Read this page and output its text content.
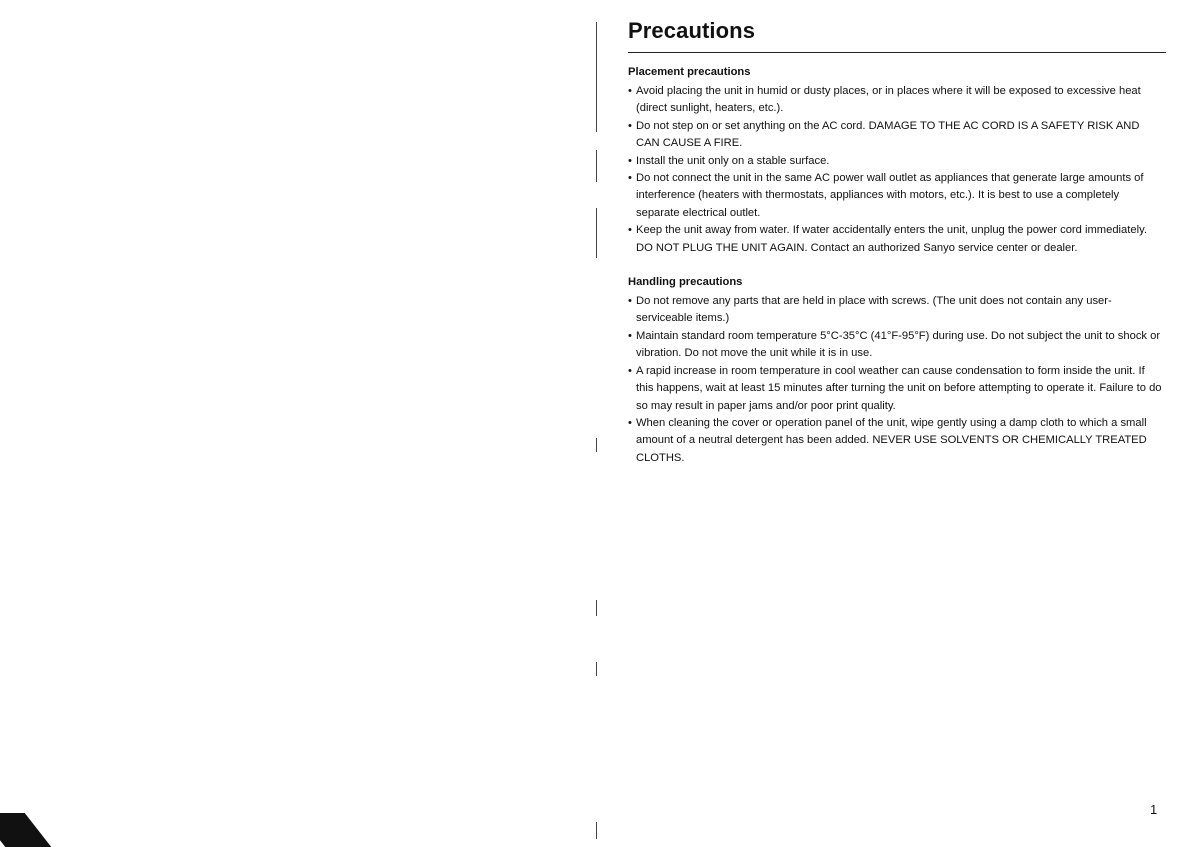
Precautions
Placement precautions
• Avoid placing the unit in humid or dusty places, or in places where it will be exposed to excessive heat (direct sunlight, heaters, etc.).
• Do not step on or set anything on the AC cord. DAMAGE TO THE AC CORD IS A SAFETY RISK AND CAN CAUSE A FIRE.
• Install the unit only on a stable surface.
• Do not connect the unit in the same AC power wall outlet as appliances that generate large amounts of interference (heaters with thermostats, appliances with motors, etc.). It is best to use a completely separate electrical outlet.
• Keep the unit away from water. If water accidentally enters the unit, unplug the power cord immediately. DO NOT PLUG THE UNIT AGAIN. Contact an authorized Sanyo service center or dealer.
Handling precautions
• Do not remove any parts that are held in place with screws. (The unit does not contain any user-serviceable items.)
• Maintain standard room temperature 5°C-35°C (41°F-95°F) during use. Do not subject the unit to shock or vibration. Do not move the unit while it is in use.
• A rapid increase in room temperature in cool weather can cause condensation to form inside the unit. If this happens, wait at least 15 minutes after turning the unit on before attempting to operate it. Failure to do so may result in paper jams and/or poor print quality.
• When cleaning the cover or operation panel of the unit, wipe gently using a damp cloth to which a small amount of a neutral detergent has been added. NEVER USE SOLVENTS OR CHEMICALLY TREATED CLOTHS.
1
